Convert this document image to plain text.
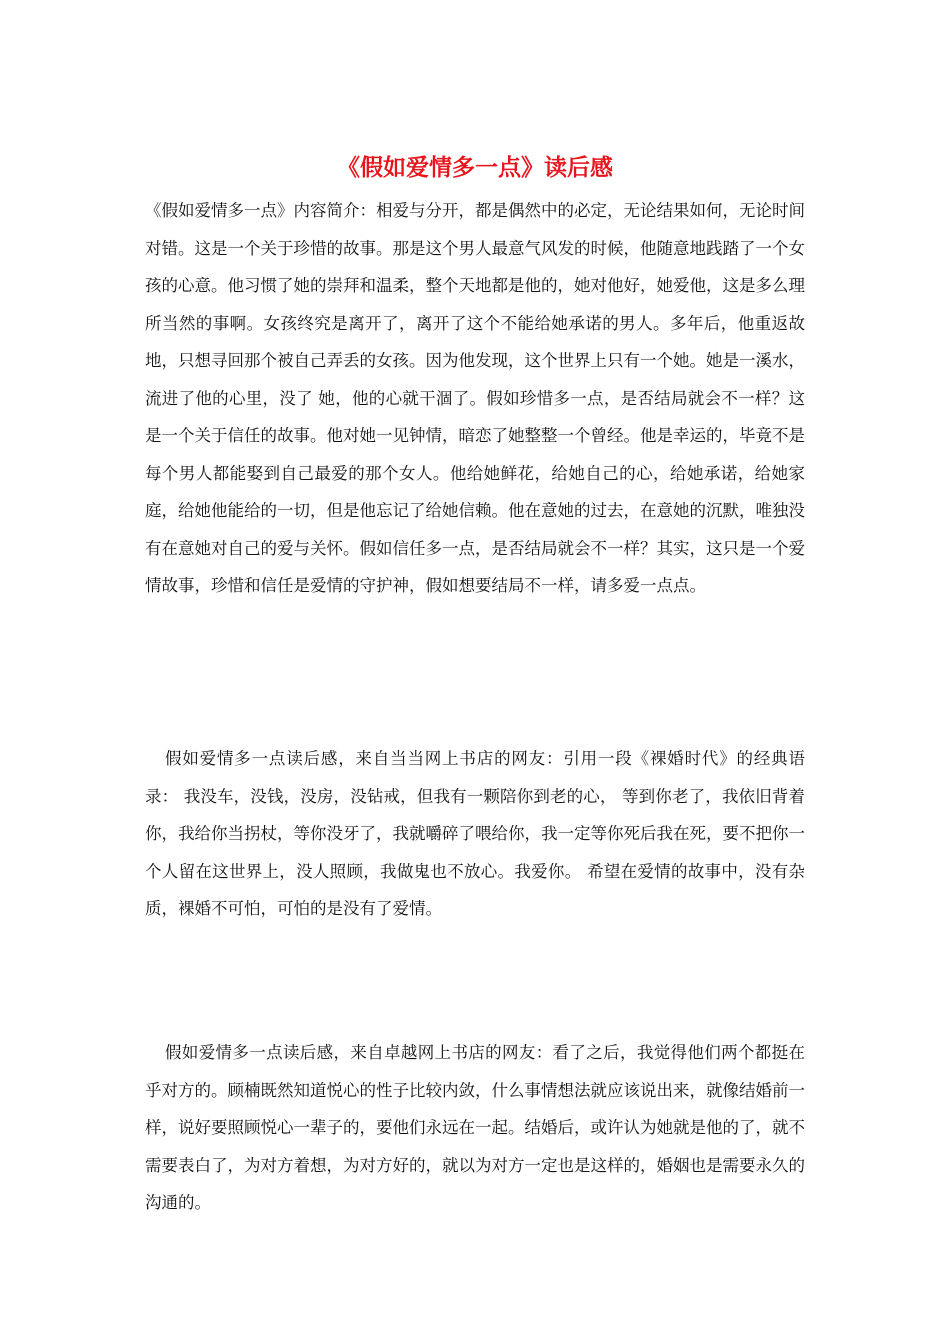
《假如爱情多一点》读后感

《假如爱情多一点》内容简介：相爱与分开，都是偶然中的必定，无论结果如何，无论时间对错。这是一个关于珍惜的故事。那是这个男人最意气风发的时候，他随意地践踏了一个女孩的心意。他习惯了她的崇拜和温柔，整个天地都是他的，她对他好，她爱他，这是多么理所当然的事啊。女孩终究是离开了，离开了这个不能给她承诺的男人。多年后，他重返故地，只想寻回那个被自己弄丢的女孩。因为他发现，这个世界上只有一个她。她是一溪水，流进了他的心里，没了 她，他的心就干涸了。假如珍惜多一点，是否结局就会不一样？这是一个关于信任的故事。他对她一见钟情，暗恋了她整整一个曾经。他是幸运的，毕竟不是每个男人都能娶到自己最爱的那个女人。他给她鲜花，给她自己的心，给她承诺，给她家庭，给她他能给的一切，但是他忘记了给她信赖。他在意她的过去，在意她的沉默，唯独没有在意她对自己的爱与关怀。假如信任多一点，是否结局就会不一样？其实，这只是一个爱情故事，珍惜和信任是爱情的守护神，假如想要结局不一样，请多爱一点点。

假如爱情多一点读后感，来自当当网上书店的网友：引用一段《裸婚时代》的经典语录： 我没车，没钱，没房，没钻戒，但我有一颗陪你到老的心， 等到你老了，我依旧背着你，我给你当拐杖，等你没牙了，我就嚼碎了喂给你，我一定等你死后我在死，要不把你一个人留在这世界上，没人照顾，我做鬼也不放心。我爱你。 希望在爱情的故事中，没有杂质，裸婚不可怕，可怕的是没有了爱情。

假如爱情多一点读后感，来自卓越网上书店的网友：看了之后，我觉得他们两个都挺在乎对方的。顾楠既然知道悦心的性子比较内敛，什么事情想法就应该说出来，就像结婚前一样，说好要照顾悦心一辈子的，要他们永远在一起。结婚后，或许认为她就是他的了，就不需要表白了，为对方着想，为对方好的，就以为对方一定也是这样的，婚姻也是需要永久的沟通的。
